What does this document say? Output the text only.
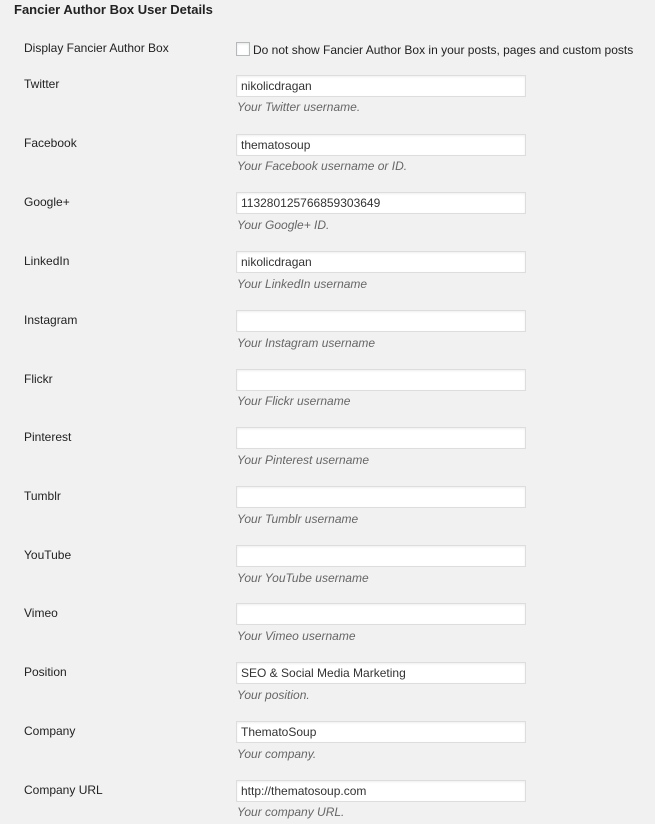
Fancier Author Box User Details
Display Fancier Author Box	Do not show Fancier Author Box in your posts, pages and custom posts
Twitter
nikolicdragan
Your Twitter username.
Facebook
thematosoup
Your Facebook username or ID.
Google+
113280125766859303649
Your Google+ ID.
LinkedIn
nikolicdragan
Your LinkedIn username
Instagram
Your Instagram username
Flickr
Your Flickr username
Pinterest
Your Pinterest username
Tumblr
Your Tumblr username
YouTube
Your YouTube username
Vimeo
Your Vimeo username
Position
SEO & Social Media Marketing
Your position.
Company
ThematoSoup
Your company.
Company URL
http://thematosoup.com
Your company URL.
